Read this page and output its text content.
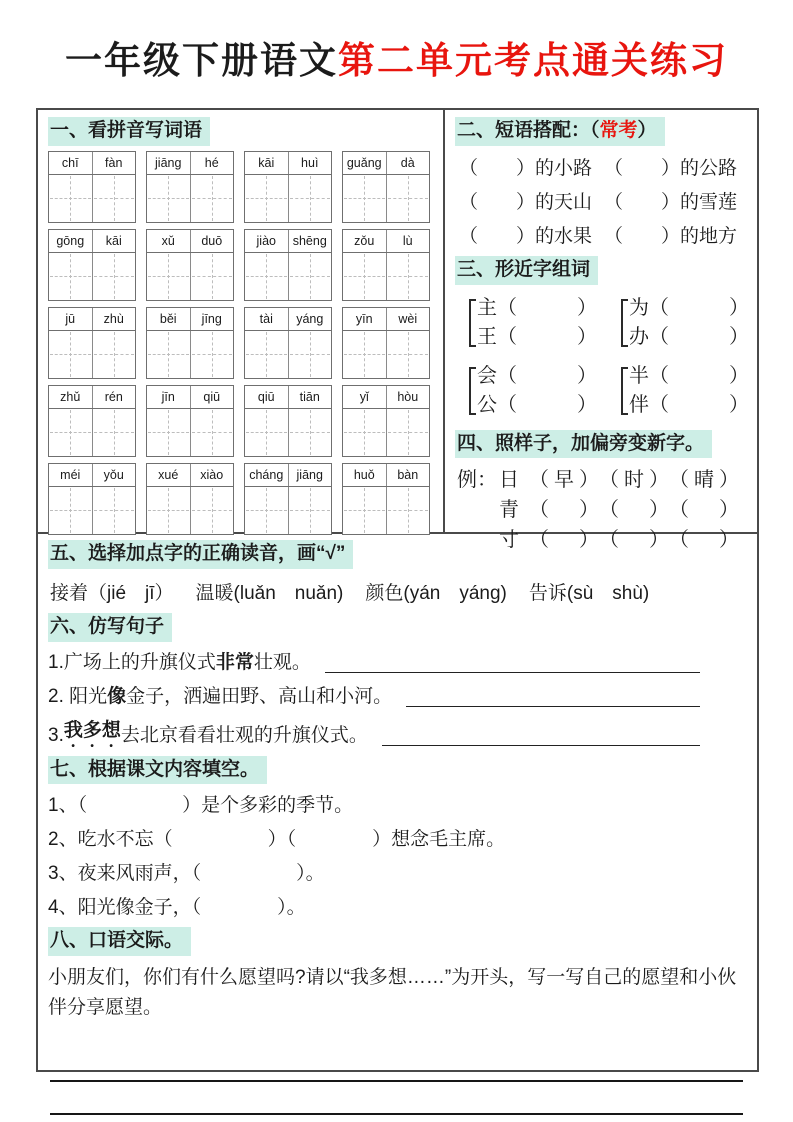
一年级下册语文第二单元考点通关练习
一、看拼音写词语
chī	fàn	jiāng	hé	kāi	huì	guǎng	dà
gōng	kāi	xǔ	duō	jiào	shēng	zǒu	lù
jū	zhù	běi	jīng	tài	yáng	yīn	wèi
zhǔ	rén	jīn	qiū	qiū	tiān	yǐ	hòu
méi	yǒu	xué	xiào	cháng	jiāng	huǒ	bàn
二、短语搭配：（常考）
（　　）的小路 （　　）的公路
（　　）的天山 （　　）的雪莲
（　　）的水果 （　　）的地方
三、形近字组词
主（　　　）
王（　　　）
为（　　　）
办（　　　）
会（　　　）
公（　　　）
半（　　　）
伴（　　　）
四、照样子，加偏旁变新字。
例： 日 （ 早 ） （ 时 ） （ 晴 ）
青 （ ） （ ） （ ）
寸 （ ） （ ） （ ）
五、选择加点字的正确读音，画“√”
接着（jié　jī） 温暖(luǎn　nuǎn) 颜色(yán　yáng) 告诉(sù　shù)
六、仿写句子
1.广场上的升旗仪式 非常 壮观。
2. 阳光 像 金子，洒遍田野、高山和小河。
3. 我多想 去北京看看壮观的升旗仪式。
七、根据课文内容填空。
1、（　　　　　）是个多彩的季节。
2、吃水不忘（　　　　　）（　　　　）想念毛主席。
3、夜来风雨声，（　　　　　）。
4、阳光像金子，（　　　　）。
八、口语交际。
小朋友们，你们有什么愿望吗?请以“我多想……”为开头，写一写自己的愿望和小伙伴分享愿望。
